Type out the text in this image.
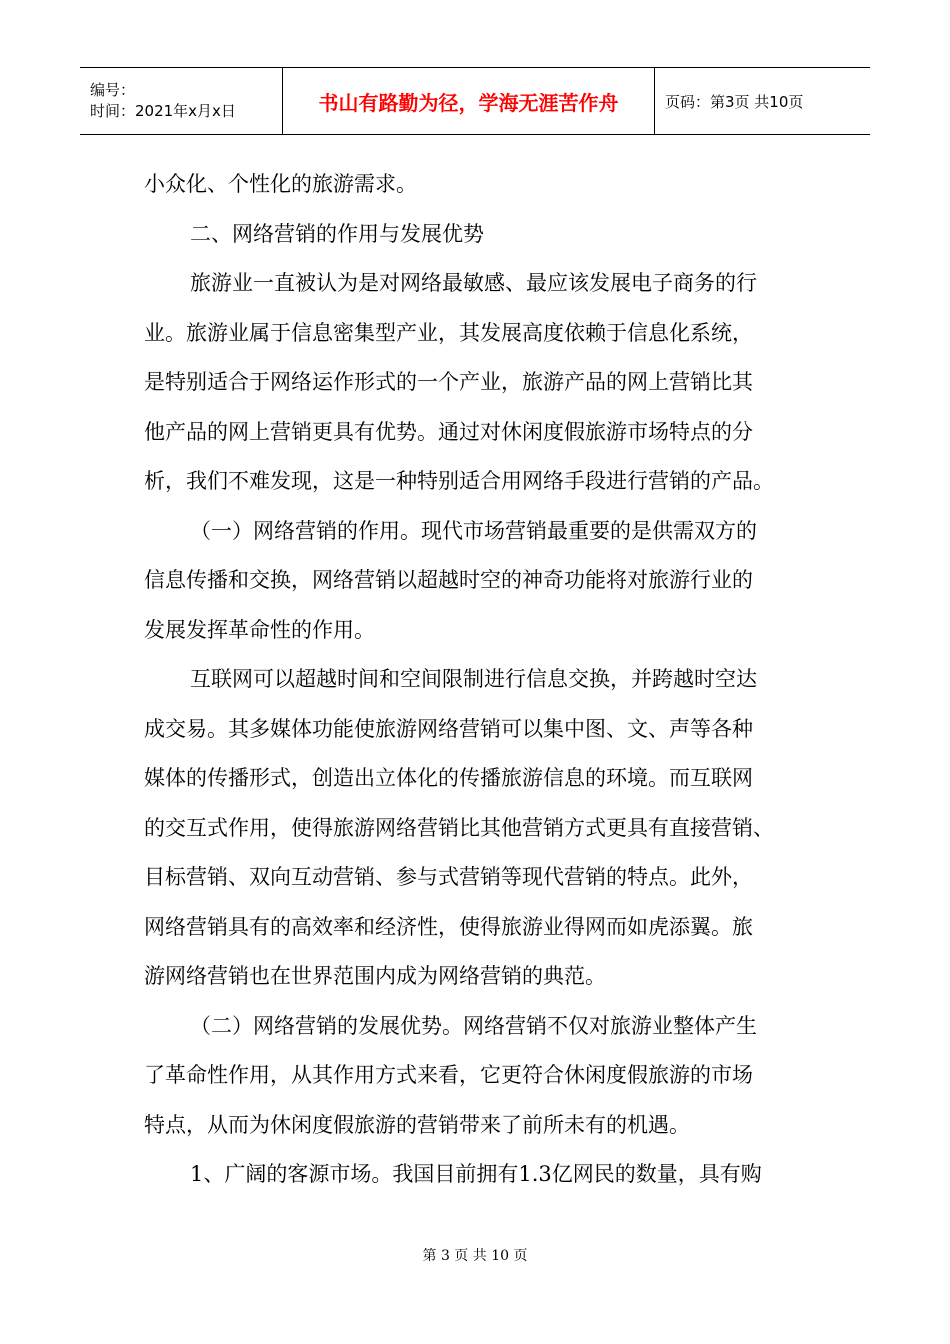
编号：
时间：2021年x月x日	书山有路勤为径，学海无涯苦作舟	页码：第3页 共10页

小众化、个性化的旅游需求。

二、网络营销的作用与发展优势

旅游业一直被认为是对网络最敏感、最应该发展电子商务的行
业。旅游业属于信息密集型产业，其发展高度依赖于信息化系统，
是特别适合于网络运作形式的一个产业，旅游产品的网上营销比其
他产品的网上营销更具有优势。通过对休闲度假旅游市场特点的分
析，我们不难发现，这是一种特别适合用网络手段进行营销的产品。

（一）网络营销的作用。现代市场营销最重要的是供需双方的
信息传播和交换，网络营销以超越时空的神奇功能将对旅游行业的
发展发挥革命性的作用。

互联网可以超越时间和空间限制进行信息交换，并跨越时空达
成交易。其多媒体功能使旅游网络营销可以集中图、文、声等各种
媒体的传播形式，创造出立体化的传播旅游信息的环境。而互联网
的交互式作用，使得旅游网络营销比其他营销方式更具有直接营销、
目标营销、双向互动营销、参与式营销等现代营销的特点。此外，
网络营销具有的高效率和经济性，使得旅游业得网而如虎添翼。旅
游网络营销也在世界范围内成为网络营销的典范。

（二）网络营销的发展优势。网络营销不仅对旅游业整体产生
了革命性作用，从其作用方式来看，它更符合休闲度假旅游的市场
特点，从而为休闲度假旅游的营销带来了前所未有的机遇。

1、广阔的客源市场。我国目前拥有1.3亿网民的数量，具有购

第 3 页 共 10 页
